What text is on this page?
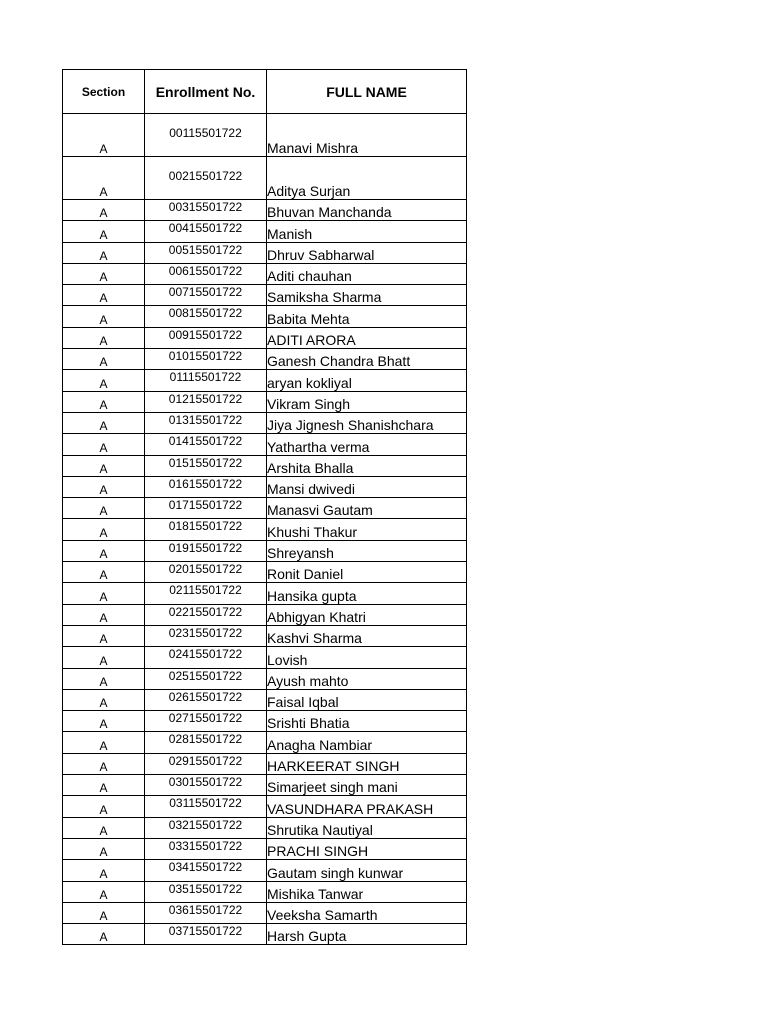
Section	Enrollment No.	FULL NAME
A	00115501722	Manavi Mishra
A	00215501722	Aditya Surjan
A	00315501722	Bhuvan Manchanda
A	00415501722	Manish
A	00515501722	Dhruv Sabharwal
A	00615501722	Aditi chauhan
A	00715501722	Samiksha Sharma
A	00815501722	Babita Mehta
A	00915501722	ADITI ARORA
A	01015501722	Ganesh Chandra Bhatt
A	01115501722	aryan kokliyal
A	01215501722	Vikram Singh
A	01315501722	Jiya Jignesh Shanishchara
A	01415501722	Yathartha verma
A	01515501722	Arshita Bhalla
A	01615501722	Mansi dwivedi
A	01715501722	Manasvi Gautam
A	01815501722	Khushi Thakur
A	01915501722	Shreyansh
A	02015501722	Ronit Daniel
A	02115501722	Hansika gupta
A	02215501722	Abhigyan Khatri
A	02315501722	Kashvi Sharma
A	02415501722	Lovish
A	02515501722	Ayush mahto
A	02615501722	Faisal Iqbal
A	02715501722	Srishti Bhatia
A	02815501722	Anagha Nambiar
A	02915501722	HARKEERAT SINGH
A	03015501722	Simarjeet singh mani
A	03115501722	VASUNDHARA PRAKASH
A	03215501722	Shrutika Nautiyal
A	03315501722	PRACHI SINGH
A	03415501722	Gautam singh kunwar
A	03515501722	Mishika Tanwar
A	03615501722	Veeksha Samarth
A	03715501722	Harsh Gupta
